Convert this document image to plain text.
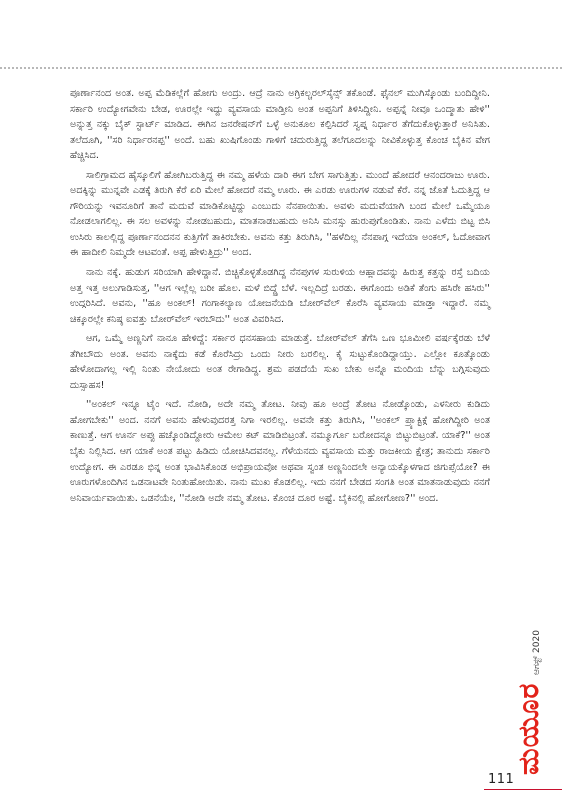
ಪೂರ್ಣಾನಂದ ಅಂತ. ಅಪ್ಪ ಮೆಡಿಕಲ್ಲೆಗೆ ಹೋಗು ಅಂದ್ರು. ಆದ್ರೆ ನಾನು ಅಗ್ರಿಕಲ್ಚರಲ್‌ಸೈನ್ಸ್ ತಕೊಂಡೆ. ಫೈನಲ್ ಮುಗಿಸ್ಕೊಂಡು ಬಂದಿದ್ದೀನಿ. ಸರ್ಕಾರಿ ಉದ್ಯೋಗವೇನು ಬೇಡ, ಊರಲ್ಲೇ ಇದ್ದು ವ್ಯವಸಾಯ ಮಾಡ್ತೀನಿ ಅಂತ ಅಪ್ಪನಿಗೆ ತಿಳಿಸಿದ್ದೀನಿ. ಅಪ್ಪನ್ನೆ ನೀವೂ ಒಂದ್ಮಾತು ಹೇಳಿ'' ಅನ್ನುತ್ತ ನಕ್ಕು ಬೈಕ್ ಸ್ಟಾರ್ಟ್ ಮಾಡಿದ. ಈಗಿನ ಜನರೇಷನ್‌ಗೆ ಒಳ್ಳೆ ಅನುಕೂಲ ಕಲ್ಪಿಸಿದರೆ ಸ್ವಪ್ನ ನಿರ್ಧಾರ ತೆಗೆದುಕೊಳ್ಳುತ್ತಾರೆ ಅನಿಸಿತು. ತಲೆದೂಗಿ, ''ಸರಿ ನಿರ್ಧಾರನಪ್ಪ'' ಅಂದೆ. ಬಹು ಖುಷಿಗೊಂಡು ಗಾಳಿಗೆ ಚದುರುತ್ತಿದ್ದ ತಲೆಗೂದಲನ್ನು ನೀವಿಕೊಳ್ಳುತ್ತ ಕೊಂಚ ಬೈಕಿನ ವೇಗ ಹೆಚ್ಚಿಸಿದ.

ಸಾಲಿಗ್ರಾಮದ ಹೈಸ್ಕೂಲಿಗೆ ಹೋಗಿಬರುತ್ತಿದ್ದ ಈ ನಮ್ಮ ಹಳೆಯ ದಾರಿ ಈಗ ಬೇಗ ಸಾಗುತ್ತಿತ್ತು. ಮುಂದೆ ಹೋದರೆ ಆನಂದರಾಜು ಊರು. ಅದಕ್ಕಿನ್ನು ಮುನ್ನವೇ ಎಡಕ್ಕೆ ತಿರುಗಿ ಕೆರೆ ಏರಿ ಮೇಲೆ ಹೋದರೆ ನಮ್ಮ ಊರು. ಈ ಎರಡು ಊರುಗಳ ನಡುವೆ ಕೆರೆ. ನನ್ನ ಜೊತೆ ಓದುತ್ತಿದ್ದ ಆ ಗೌರಿಯನ್ನು ಇವನೂರಿಗೆ ತಾನೆ ಮದುವೆ ಮಾಡಿಕೊಟ್ಟಿದ್ದು ಎಂಬುದು ನೆನಪಾಯಿತು. ಅವಳು ಮದುವೆಯಾಗಿ ಬಂದ ಮೇಲೆ ಒಮ್ಮೆಯೂ ನೋಡಲಾಗಲಿಲ್ಲ. ಈ ಸಲ ಅವಳನ್ನು ನೋಡಬಹುದು, ಮಾತನಾಡಬಹುದು ಅನಿಸಿ ಮನಸ್ಸು ಹುರುಪುಗೊಂಡಿತು. ನಾನು ಎಳೆದು ಬಿಟ್ಟ ಬಿಸಿ ಉಸಿರು ಕಾಲಲ್ಲಿದ್ದ ಪೂರ್ಣಾನಂದನನ ಕುತ್ತಿಗೆಗೆ ತಾಕಿರಬೇಕು. ಅವನು ಕತ್ತು ತಿರುಗಿಸಿ, ''ಹಳೆದಿಲ್ಲ ನೆನಪಾಗ್ಗ ಇದೆಯಾ ಅಂಕಲ್, ಓದೋವಾಗ ಈ ಹಾದೀಲಿ ನಿಮ್ಮದೇ ಆಟವಂತೆ. ಅಪ್ಪ ಹೇಳುತ್ತಿದ್ರು'' ಅಂದ.

ನಾನು ನಕ್ಕೆ. ಹುಡುಗ ಸರಿಯಾಗಿ ಹೇಳಿದ್ದಾನೆ. ಬಿಚ್ಚಿಕೊಳ್ಳತೊಡಗಿದ್ದ ನೆನಪುಗಳ ಸುರುಳಿಯ ಆಹ್ಲಾದವನ್ನು ಹಿರುತ್ತ ಕತ್ತನ್ನು ರಸ್ತೆ ಬದಿಯ ಅತ್ತ ಇತ್ತ ಅಲುಗಾಡಿಸುತ್ತ, ''ಆಗ ಇಲ್ಲೆಲ್ಲ ಬರೀ ಹೊಲ. ಮಳೆ ಬಿದ್ದ್ರೆ ಬೆಳೆ. ಇಲ್ಲದಿದ್ರೆ ಬರಡು. ಈಗೊಂದು ಅಡಿಕೆ ತೆಂಗು ಹಸಿರೇ ಹಸಿರು'' ಉದ್ಗರಿಸಿದೆ. ಅವನು, ''ಹೂ ಅಂಕಲ್! ಗಂಗಾಕಲ್ಯಾಣ ಯೋಜನೆಯಡಿ ಬೋರ್‌ವೆಲ್ ಕೊರೆಸಿ ವ್ಯವಸಾಯ ಮಾಡ್ತಾ ಇದ್ದಾರೆ. ನಮ್ಮ ಚಿಕ್ಕೂರಲ್ಲೇ ಕನಿಷ್ಠ ಐವತ್ತು ಬೋರ್‌ವೆಲ್ ಇರಬೌದು'' ಅಂತ ವಿವರಿಸಿದ.

ಆಗ, ಒಮ್ಮೆ ಅಣ್ಣನಿಗೆ ನಾನೂ ಹೇಳಿದ್ದೆ: ಸರ್ಕಾರ ಧನಸಹಾಯ ಮಾಡುತ್ತೆ. ಬೋರ್‌ವೆಲ್ ತೆಗೆಸಿ ಒಣ ಭೂಮೀಲಿ ವರ್ಷಕ್ಕೆರಡು ಬೆಳೆ ತೆಗೀಬೌದು ಅಂತ. ಅವನು ನಾಕ್ಕೆದು ಕಡೆ ಕೊರೆಸಿದ್ರು ಒಂದು ನೀರು ಬರಲಿಲ್ಲ. ಕೈ ಸುಟ್ಟುಕೊಂಡಿದ್ದಾಯ್ತು. ಎಲ್ಲೋ ಕೂತ್ಕೊಂಡು ಹೇಳೋದಾಗಲ್ಲ ಇಲ್ಲಿ ನಿಂತು ನೇಯೋದು ಅಂತ ರೇಗಾಡಿದ್ದ. ಶ್ರಮ ಪಡದೆಯೆ ಸುಖ ಬೇಕು ಅನ್ನೊ ಮಂದಿಯ ಬೆನ್ನು ಬಗ್ಗಿಸುವುದು ದುಸ್ಸಾಹಸ!

''ಅಂಕಲ್ ಇನ್ನೂ ಟೈಂ ಇದೆ. ನೋಡಿ, ಅದೇ ನಮ್ಮ ತೋಟ. ನೀವು ಹೂ ಅಂದ್ರೆ ತೋಟ ನೋಡ್ಕೊಂಡು, ಎಳನೀರು ಕುಡಿದು ಹೋಗಬೇಕು'' ಅಂದ. ನನಗೆ ಅವನು ಹೇಳುವುದರತ್ತ ನಿಗಾ ಇರಲಿಲ್ಲ. ಅವನೇ ಕತ್ತು ತಿರುಗಿಸಿ, ''ಅಂಕಲ್ ಪ್ರ್ಯಾಕ್ಟಿಕ್ಗೆ ಹೋಗಿದ್ದೀರಿ ಅಂತ ಕಾಣುತ್ತೆ. ಆಗ ಊರ್ನ ಅಪ್ಪು ಹಚ್ಕೊಂಡಿದ್ದೋರು ಆಮೇಲ ಕಟ್ ಮಾಡಿಬಿಟ್ರಂತೆ. ನಮ್ಮೂರ್ಗೂ ಬರೋದನ್ನೂ ಬಿಟ್ಟುಬಿಟ್ರಂತೆ. ಯಾಕೆ?'' ಅಂತ ಬೈಕು ನಿಲ್ಲಿಸಿದ. ಆಗ ಯಾಕೆ ಅಂತ ಪಟ್ಟು ಹಿಡಿದು ಯೋಚಿಸಿದವನಲ್ಲ. ಗೆಳೆಯನದು ವ್ಯವಸಾಯ ಮತ್ತು ರಾಜಕೀಯ ಕ್ಷೇತ್ರ; ತಾನುದು ಸರ್ಕಾರಿ ಉದ್ಯೋಗ. ಈ ಎರಡೂ ಭಿನ್ನ ಅಂತ ಭಾವಿಸಿಕೊಂಡ ಅಭಿಪ್ರಾಯವೋ ಅಥವಾ ಸ್ವಂತ ಅಣ್ಣನಿಂದಲೇ ಅನ್ಯಾಯಕ್ಕೊಳಗಾದ ಜಿಗುಪ್ಸೆಯೋ? ಈ ಊರುಗಳೊಂದಿಗಿನ ಒಡನಾಟವೇ ನಿಂತುಹೋಯಿತು. ನಾನು ಮುಖ ಕೊಡಲಿಲ್ಲ. ಇದು ನನಗೆ ಬೇಡದ ಸಂಗತಿ ಅಂತ ಮಾತನಾಡುವುದು ನನಗೆ ಅನಿವಾರ್ಯವಾಯಿತು. ಒಡನೆಯೇ, ''ನೋಡಿ ಅದೇ ನಮ್ಮ ತೋಟ. ಕೊಂಚ ದೂರ ಅಷ್ಟೆ. ಬೈಕಿನಲ್ಲಿ ಹೋಗೋಣ?'' ಅಂದ.

ಆಗಸ್ಟ್ 2020
ಮಯೂರ
111
